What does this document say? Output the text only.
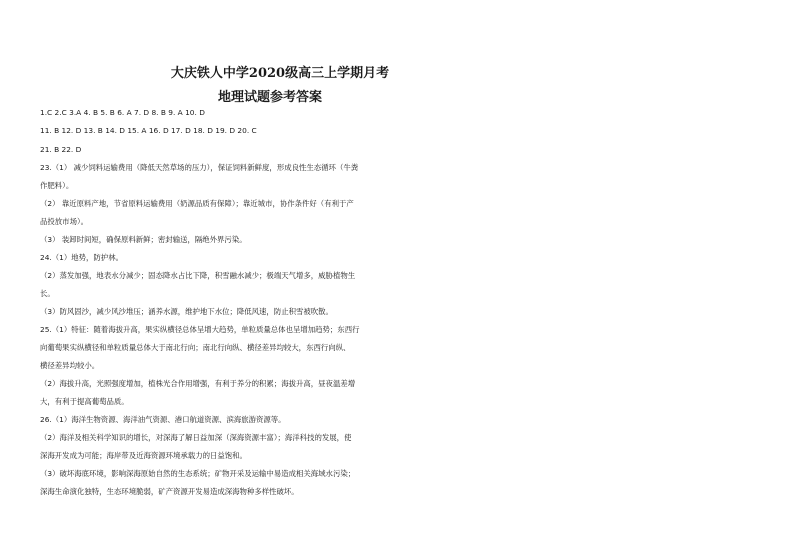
大庆铁人中学2020级高三上学期月考
地理试题参考答案
1.C 2.C 3.A 4. B 5. B 6. A 7. D 8. B 9. A 10. D
11. B 12. D 13. B 14. D 15. A 16. D 17. D 18. D 19. D 20. C
21. B 22. D
23.（1） 减少饲料运输费用（降低天然草场的压力），保证饲料新鲜度，形成良性生态循环（牛粪
作肥料）。
（2） 靠近原料产地，节省原料运输费用（奶源品质有保障）；靠近城市，协作条件好（有利于产
品投放市场）。
（3） 装卸时间短，确保原料新鲜；密封输送，隔绝外界污染。
24.（1）地势，防护林。
（2）蒸发加强，地表水分减少；固态降水占比下降，积雪融水减少；极端天气增多，威胁植物生
长。
（3）防风固沙，减少风沙堆压；涵养水源，维护地下水位；降低风速，防止积雪被吹散。
25.（1）特征：随着海拔升高，果实纵横径总体呈增大趋势，单粒质量总体也呈增加趋势；东西行
向葡萄果实纵横径和单粒质量总体大于南北行向；南北行向纵、横径差异均较大，东西行向纵、
横径差异均较小。
（2）海拔升高，光照强度增加，植株光合作用增强，有利于养分的积累；海拔升高，昼夜温差增
大，有利于提高葡萄品质。
26.（1）海洋生物资源、海洋油气资源、港口航道资源、滨海旅游资源等。
（2）海洋及相关科学知识的增长，对深海了解日益加深（深海资源丰富）；海洋科技的发展，使
深海开发成为可能；海岸带及近海资源环境承载力的日益饱和。
（3）破坏海底环境，影响深海原始自然的生态系统；矿物开采及运输中易造成相关海域水污染；
深海生命演化独特，生态环境脆弱，矿产资源开发易造成深海物种多样性破坏。
